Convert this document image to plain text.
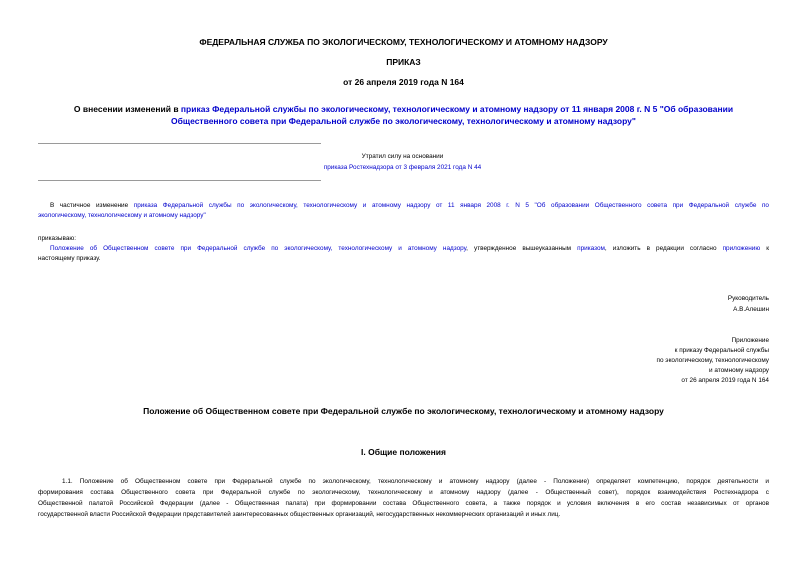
ФЕДЕРАЛЬНАЯ СЛУЖБА ПО ЭКОЛОГИЧЕСКОМУ, ТЕХНОЛОГИЧЕСКОМУ И АТОМНОМУ НАДЗОРУ
ПРИКАЗ
от 26 апреля 2019 года N 164
О внесении изменений в приказ Федеральной службы по экологическому, технологическому и атомному надзору от 11 января 2008 г. N 5 "Об образовании
Общественного совета при Федеральной службе по экологическому, технологическому и атомному надзору"
Утратил силу на основании
приказа Ростехнадзора от 3 февраля 2021 года N 44
В частичное изменение приказа Федеральной службы по экологическому, технологическому и атомному надзору от 11 января 2008 г. N 5 "Об образовании Общественного совета при Федеральной службе по
экологическому, технологическому и атомному надзору"
приказываю:
Положение об Общественном совете при Федеральной службе по экологическому, технологическому и атомному надзору, утвержденное вышеуказанным приказом, изложить в редакции согласно приложению к
настоящему приказу.
Руководитель
А.В.Алешин
Приложение
к приказу Федеральной службы
по экологическому, технологическому
и атомному надзору
от 26 апреля 2019 года N 164
Положение об Общественном совете при Федеральной службе по экологическому, технологическому и атомному надзору
I. Общие положения
1.1. Положение об Общественном совете при Федеральной службе по экологическому, технологическому и атомному надзору (далее - Положение) определяет компетенцию, порядок деятельности и
формирования состава Общественного совета при Федеральной службе по экологическому, технологическому и атомному надзору (далее - Общественный совет), порядок взаимодействия Ростехнадзора с
Общественной палатой Российской Федерации (далее - Общественная палата) при формировании состава Общественного совета, а также порядок и условия включения в его состав независимых от органов
государственной власти Российской Федерации представителей заинтересованных общественных организаций, негосударственных некоммерческих организаций и иных лиц.
